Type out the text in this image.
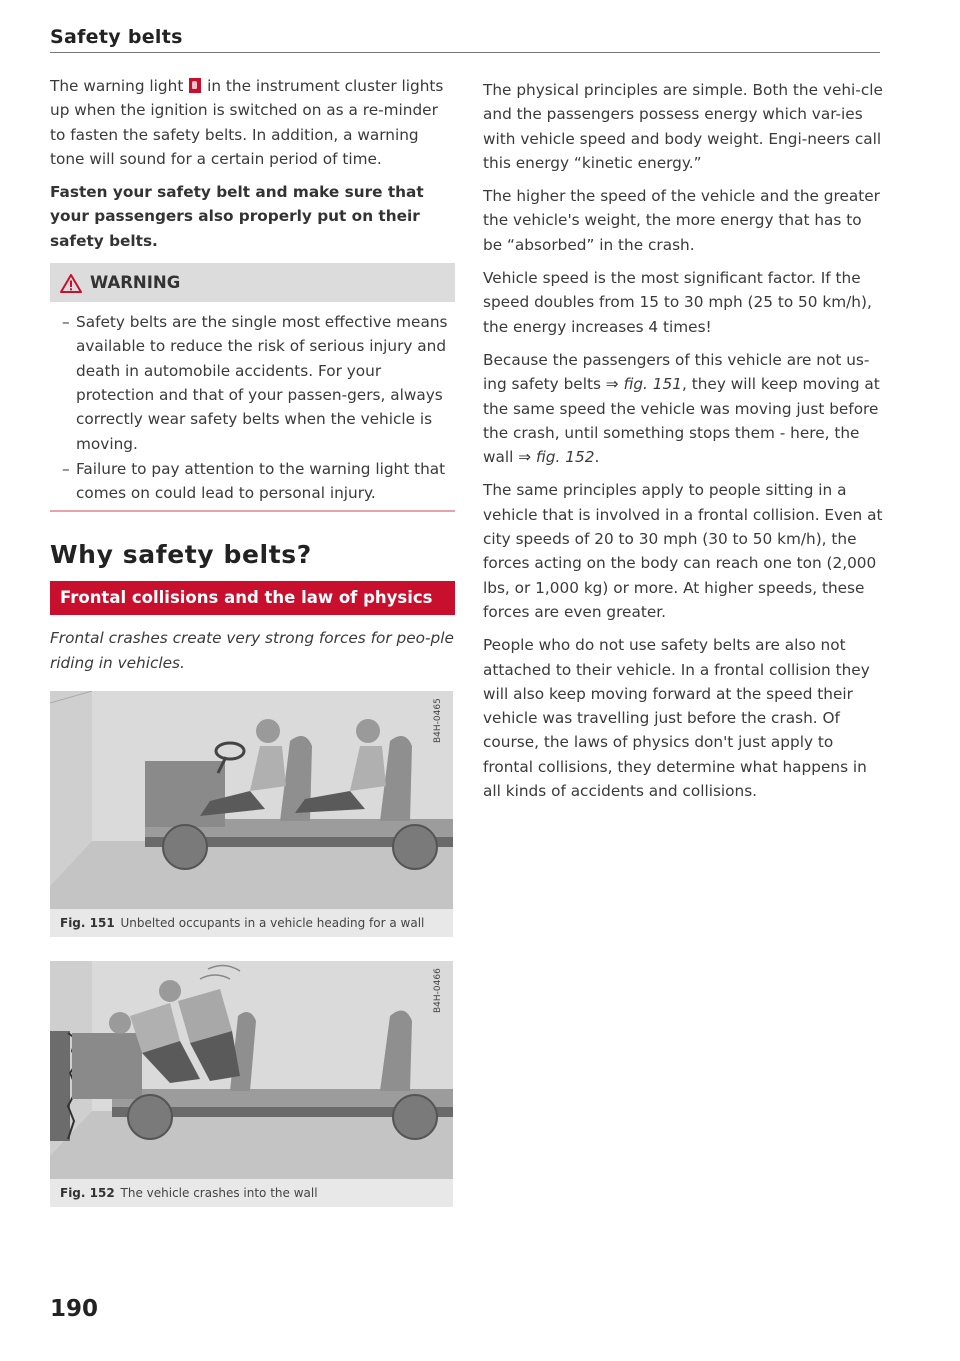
Safety belts

The warning light  in the instrument cluster lights up when the ignition is switched on as a re-minder to fasten the safety belts. In addition, a warning tone will sound for a certain period of time.

Fasten your safety belt and make sure that your passengers also properly put on their safety belts.

WARNING
– Safety belts are the single most effective means available to reduce the risk of serious injury and death in automobile accidents. For your protection and that of your passen-gers, always correctly wear safety belts when the vehicle is moving.
– Failure to pay attention to the warning light that comes on could lead to personal injury.
Why safety belts?
Frontal collisions and the law of physics

Frontal crashes create very strong forces for peo-ple riding in vehicles.

B4H-0465
Fig. 151 Unbelted occupants in a vehicle heading for a wall
B4H-0466
Fig. 152 The vehicle crashes into the wall

The physical principles are simple. Both the vehi-cle and the passengers possess energy which var-ies with vehicle speed and body weight. Engi-neers call this energy “kinetic energy.”

The higher the speed of the vehicle and the greater the vehicle's weight, the more energy that has to be “absorbed” in the crash.

Vehicle speed is the most significant factor. If the speed doubles from 15 to 30 mph (25 to 50 km/h), the energy increases 4 times!

Because the passengers of this vehicle are not us-ing safety belts ⇒ fig. 151, they will keep moving at the same speed the vehicle was moving just before the crash, until something stops them - here, the wall ⇒ fig. 152.

The same principles apply to people sitting in a vehicle that is involved in a frontal collision. Even at city speeds of 20 to 30 mph (30 to 50 km/h), the forces acting on the body can reach one ton (2,000 lbs, or 1,000 kg) or more. At higher speeds, these forces are even greater.

People who do not use safety belts are also not attached to their vehicle. In a frontal collision they will also keep moving forward at the speed their vehicle was travelling just before the crash. Of course, the laws of physics don't just apply to frontal collisions, they determine what happens in all kinds of accidents and collisions.

190
